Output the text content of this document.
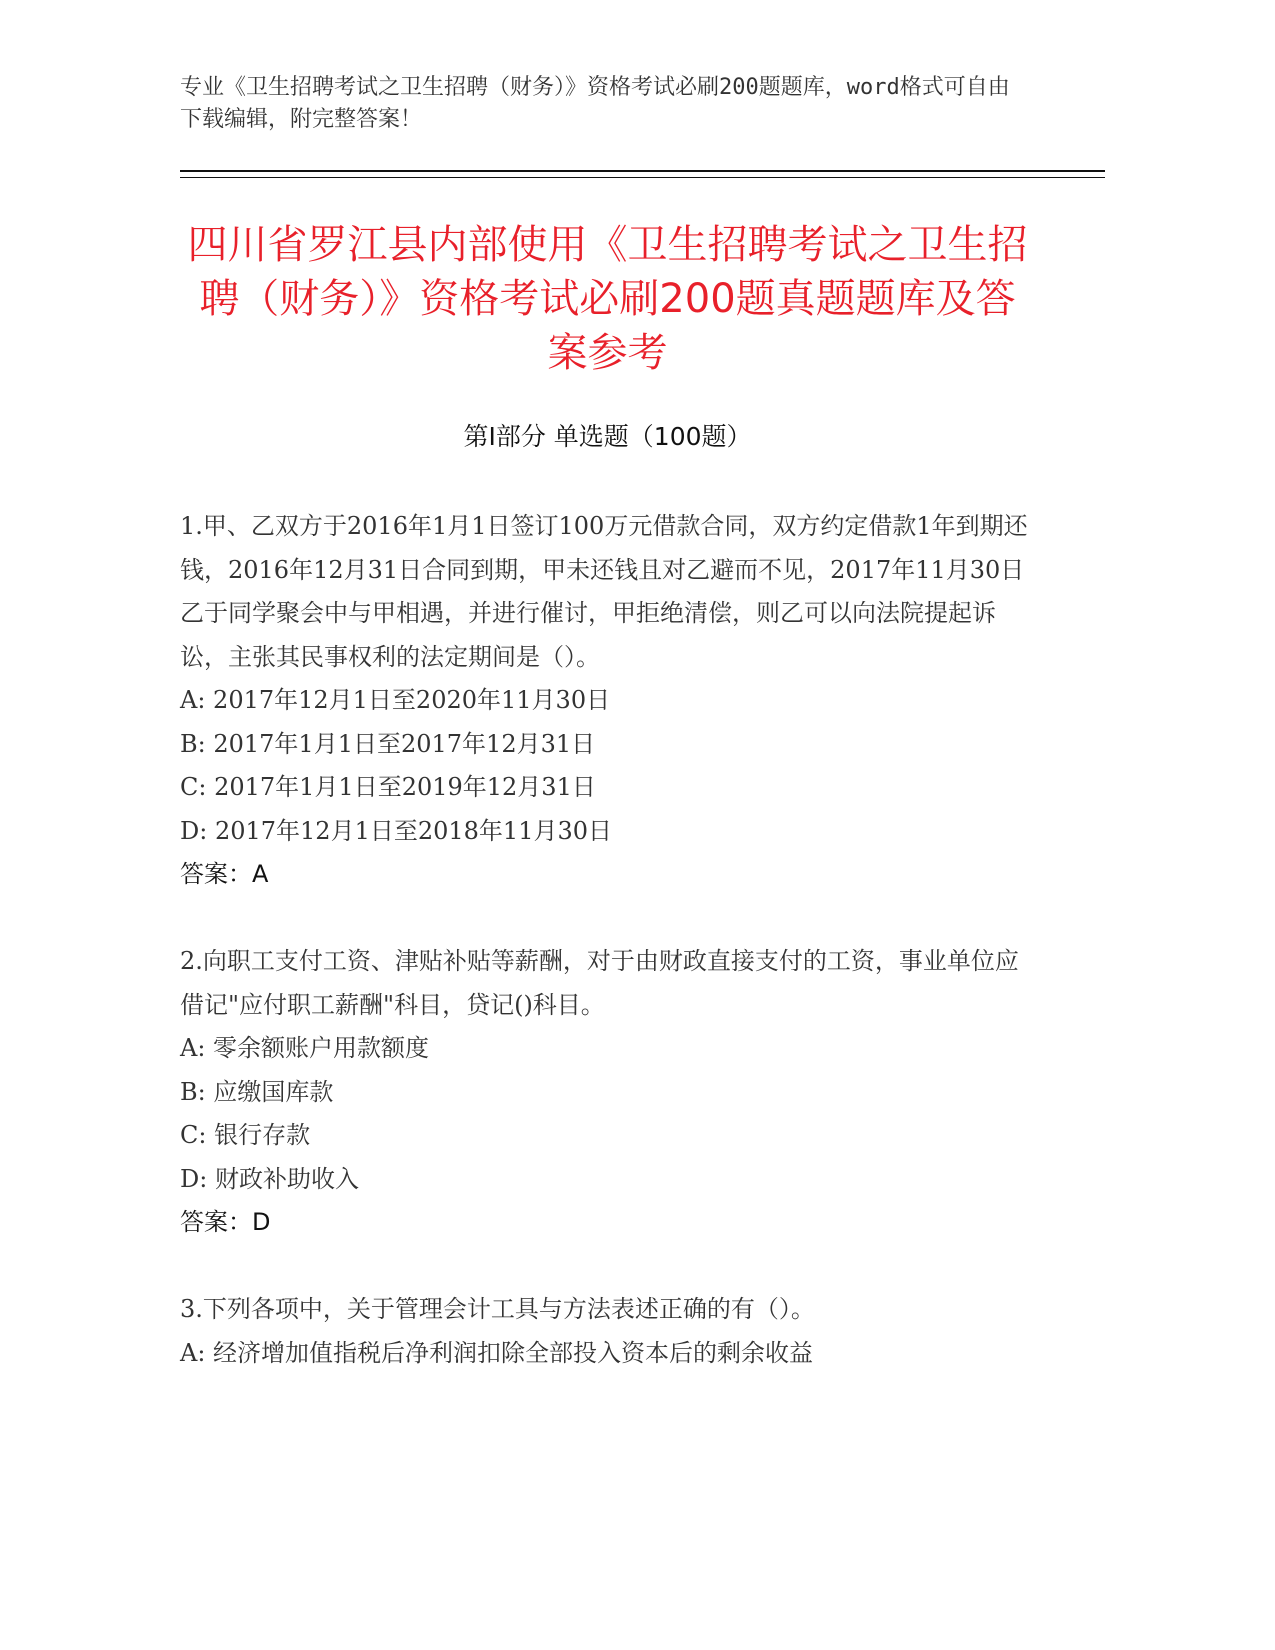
专业《卫生招聘考试之卫生招聘（财务）》资格考试必刷200题题库，word格式可自由下载编辑，附完整答案！
四川省罗江县内部使用《卫生招聘考试之卫生招聘（财务）》资格考试必刷200题真题题库及答案参考
第Ⅰ部分 单选题（100题）

1.甲、乙双方于2016年1月1日签订100万元借款合同，双方约定借款1年到期还钱，2016年12月31日合同到期，甲未还钱且对乙避而不见，2017年11月30日乙于同学聚会中与甲相遇，并进行催讨，甲拒绝清偿，则乙可以向法院提起诉讼，主张其民事权利的法定期间是（）。

A: 2017年12月1日至2020年11月30日

B: 2017年1月1日至2017年12月31日

C: 2017年1月1日至2019年12月31日

D: 2017年12月1日至2018年11月30日

答案：A

2.向职工支付工资、津贴补贴等薪酬，对于由财政直接支付的工资，事业单位应借记"应付职工薪酬"科目，贷记()科目。

A: 零余额账户用款额度

B: 应缴国库款

C: 银行存款

D: 财政补助收入

答案：D

3.下列各项中，关于管理会计工具与方法表述正确的有（）。

A: 经济增加值指税后净利润扣除全部投入资本后的剩余收益
